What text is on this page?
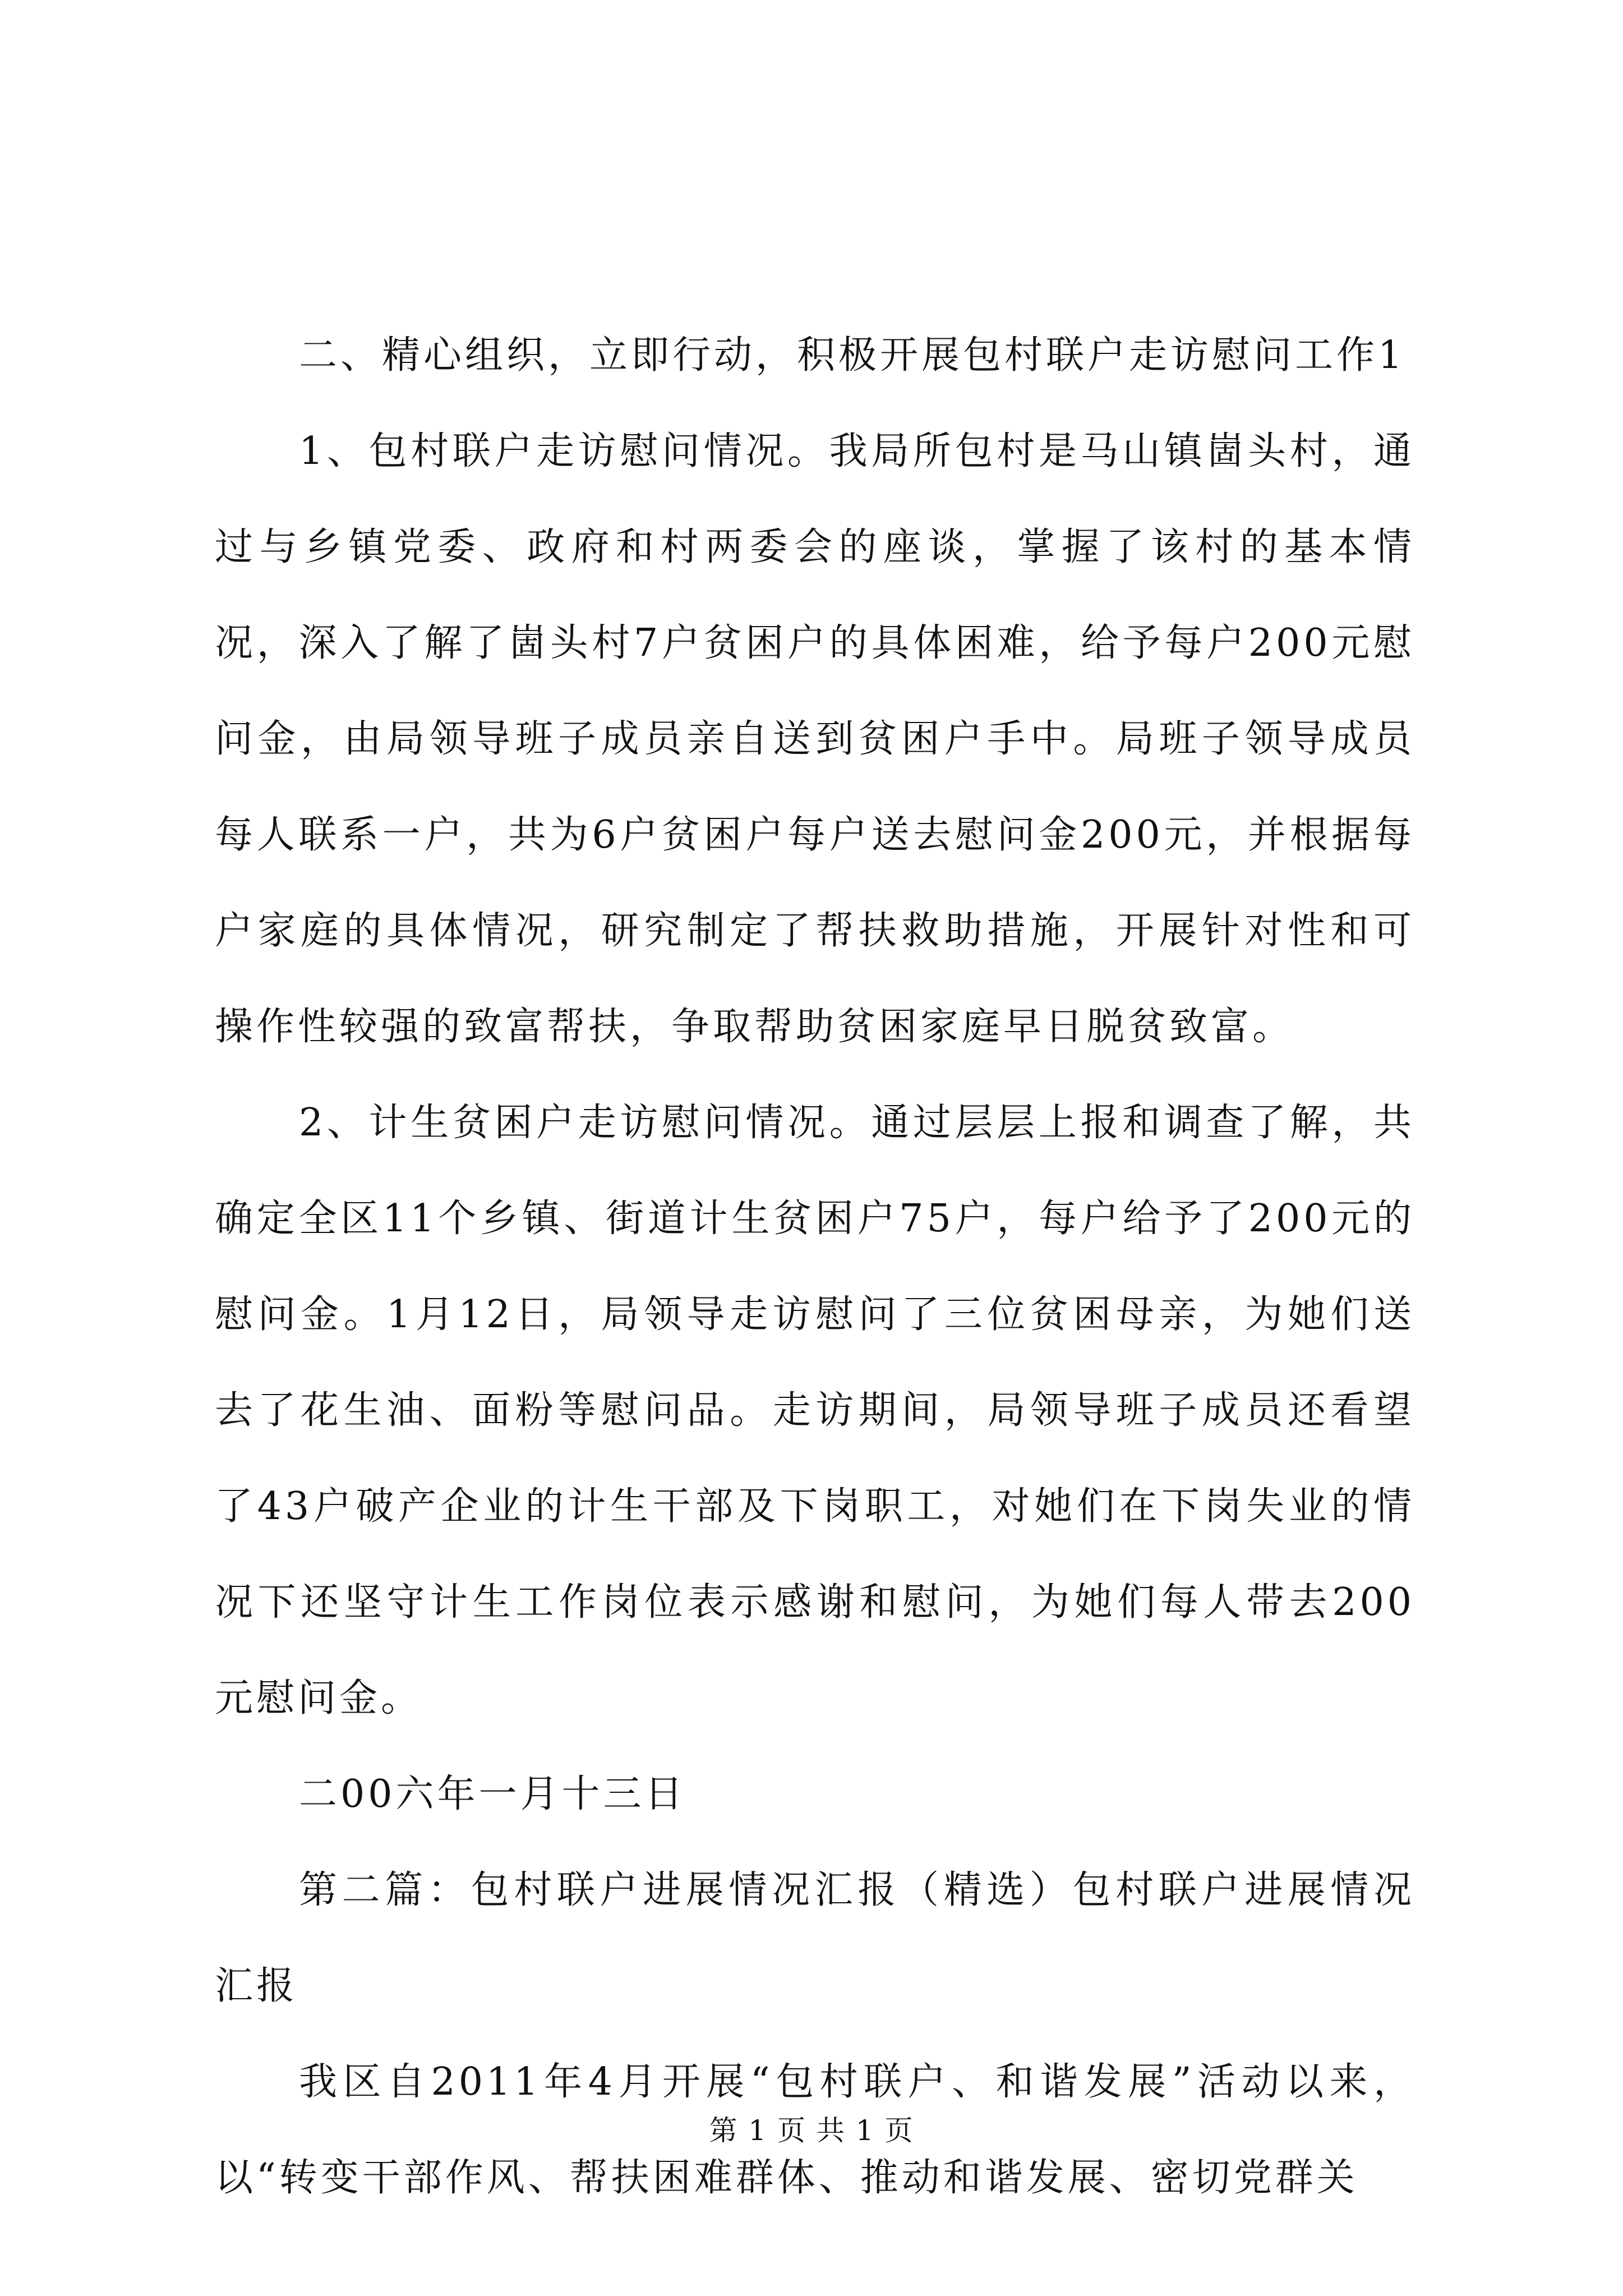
二、精心组织，立即行动，积极开展包村联户走访慰问工作1

1、包村联户走访慰问情况。我局所包村是马山镇崮头村，通过与乡镇党委、政府和村两委会的座谈，掌握了该村的基本情况，深入了解了崮头村7户贫困户的具体困难，给予每户200元慰问金，由局领导班子成员亲自送到贫困户手中。局班子领导成员每人联系一户，共为6户贫困户每户送去慰问金200元，并根据每户家庭的具体情况，研究制定了帮扶救助措施，开展针对性和可操作性较强的致富帮扶，争取帮助贫困家庭早日脱贫致富。

2、计生贫困户走访慰问情况。通过层层上报和调查了解，共确定全区11个乡镇、街道计生贫困户75户，每户给予了200元的慰问金。1月12日，局领导走访慰问了三位贫困母亲，为她们送去了花生油、面粉等慰问品。走访期间，局领导班子成员还看望了43户破产企业的计生干部及下岗职工，对她们在下岗失业的情况下还坚守计生工作岗位表示感谢和慰问，为她们每人带去200元慰问金。

二00六年一月十三日

第二篇：包村联户进展情况汇报（精选）包村联户进展情况汇报

我区自2011年4月开展“包村联户、和谐发展”活动以来，以“转变干部作风、帮扶困难群体、推动和谐发展、密切党群关

第 1 页 共 1 页
